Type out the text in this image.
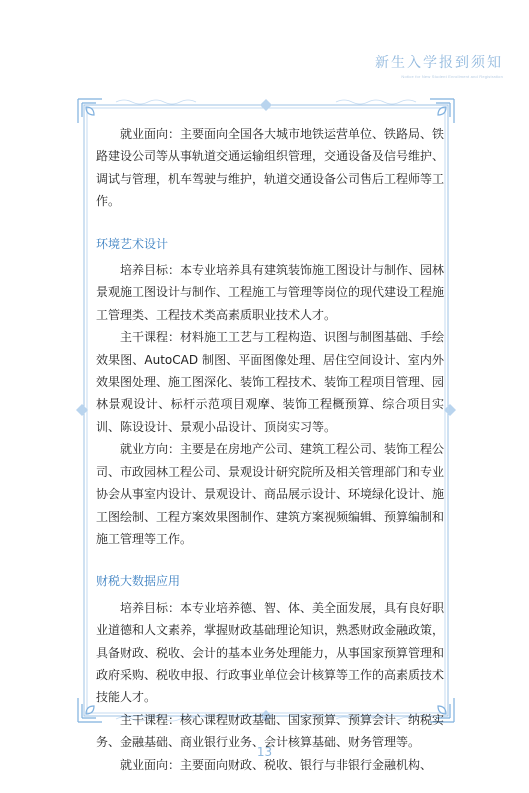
新生入学报到须知
Notice for New Student Enrollment and Registration

就业面向：主要面向全国各大城市地铁运营单位、铁路局、铁路建设公司等从事轨道交通运输组织管理，交通设备及信号维护、调试与管理，机车驾驶与维护，轨道交通设备公司售后工程师等工作。

环境艺术设计

培养目标：本专业培养具有建筑装饰施工图设计与制作、园林景观施工图设计与制作、工程施工与管理等岗位的现代建设工程施工管理类、工程技术类高素质职业技术人才。

主干课程：材料施工工艺与工程构造、识图与制图基础、手绘效果图、AutoCAD 制图、平面图像处理、居住空间设计、室内外效果图处理、施工图深化、装饰工程技术、装饰工程项目管理、园林景观设计、标杆示范项目观摩、装饰工程概预算、综合项目实训、陈设设计、景观小品设计、顶岗实习等。

就业方向：主要是在房地产公司、建筑工程公司、装饰工程公司、市政园林工程公司、景观设计研究院所及相关管理部门和专业协会从事室内设计、景观设计、商品展示设计、环境绿化设计、施工图绘制、工程方案效果图制作、建筑方案视频编辑、预算编制和施工管理等工作。

财税大数据应用

培养目标：本专业培养德、智、体、美全面发展，具有良好职业道德和人文素养，掌握财政基础理论知识，熟悉财政金融政策，具备财政、税收、会计的基本业务处理能力，从事国家预算管理和政府采购、税收申报、行政事业单位会计核算等工作的高素质技术技能人才。

主干课程：核心课程财政基础、国家预算、预算会计、纳税实务、金融基础、商业银行业务、会计核算基础、财务管理等。

就业面向：主要面向财政、税收、银行与非银行金融机构、

13
